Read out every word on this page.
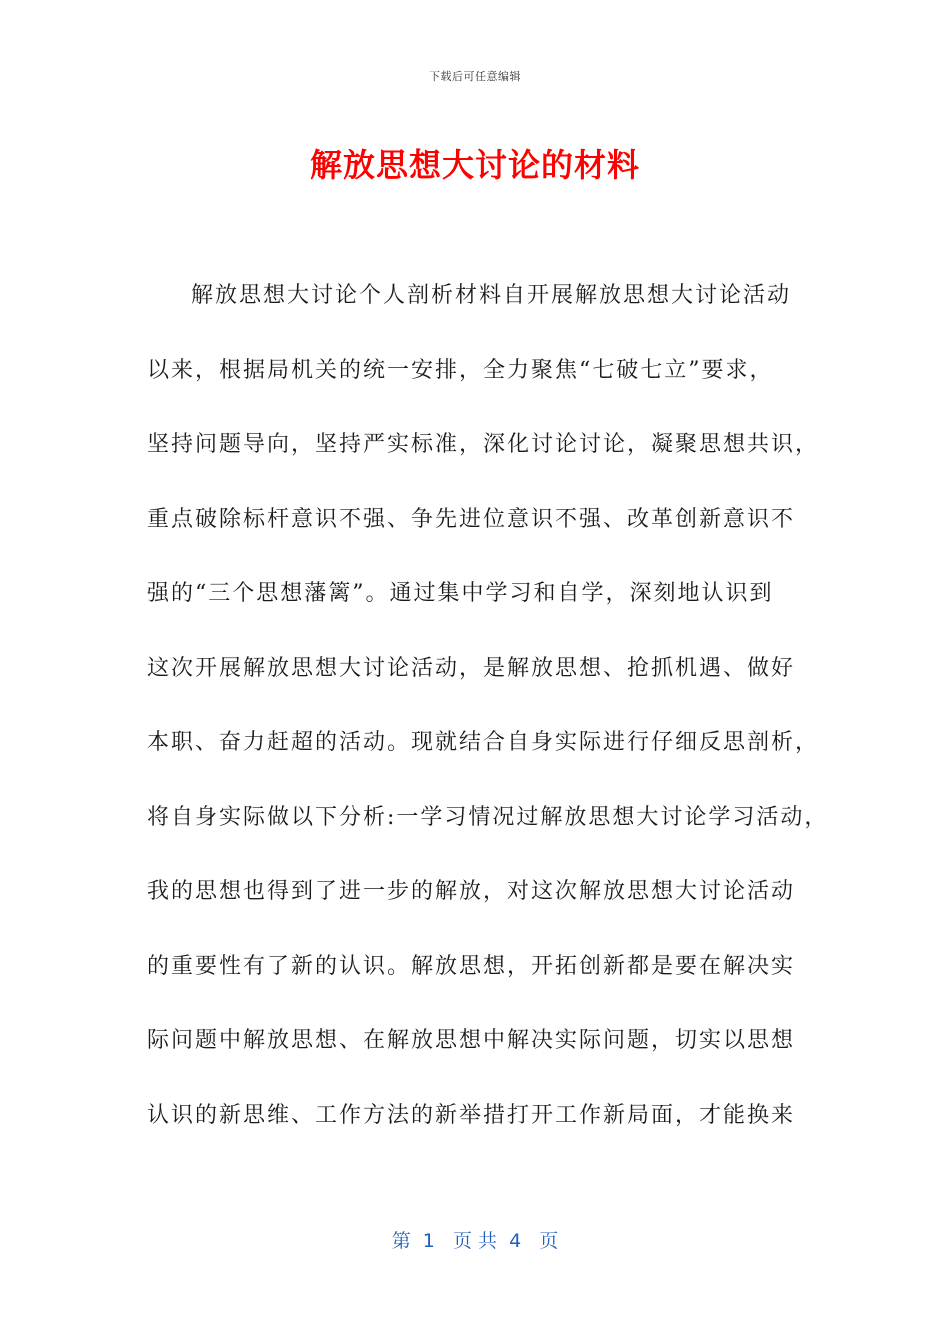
下载后可任意编辑
解放思想大讨论的材料
解放思想大讨论个人剖析材料自开展解放思想大讨论活动
以来，根据局机关的统一安排，全力聚焦“七破七立”要求，
坚持问题导向，坚持严实标准，深化讨论讨论，凝聚思想共识，
重点破除标杆意识不强、争先进位意识不强、改革创新意识不
强的“三个思想藩篱”。通过集中学习和自学，深刻地认识到
这次开展解放思想大讨论活动，是解放思想、抢抓机遇、做好
本职、奋力赶超的活动。现就结合自身实际进行仔细反思剖析，
将自身实际做以下分析:一学习情况过解放思想大讨论学习活动，
我的思想也得到了进一步的解放，对这次解放思想大讨论活动
的重要性有了新的认识。解放思想，开拓创新都是要在解决实
际问题中解放思想、在解放思想中解决实际问题，切实以思想
认识的新思维、工作方法的新举措打开工作新局面，才能换来
第  1   页 共  4   页
